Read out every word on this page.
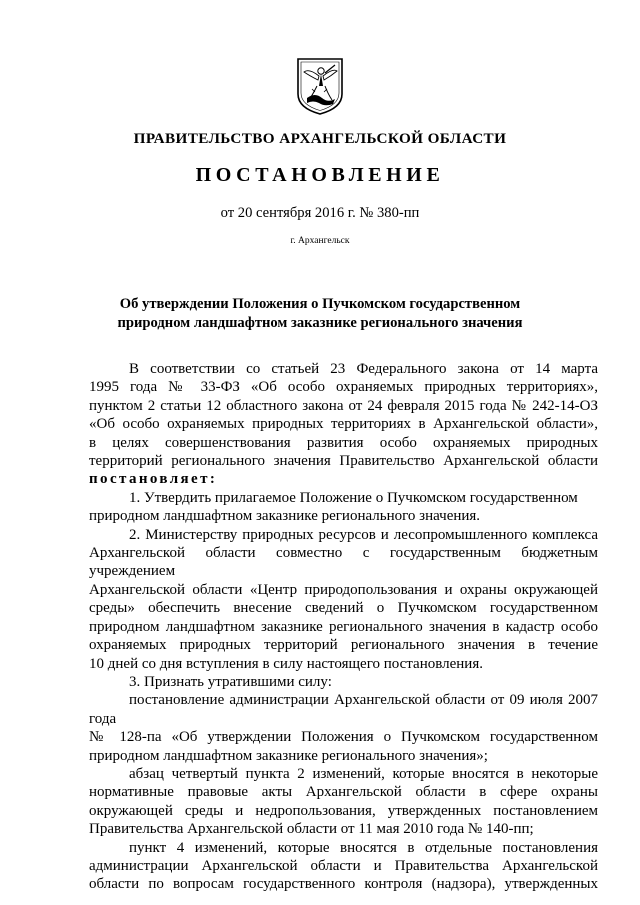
ПРАВИТЕЛЬСТВО АРХАНГЕЛЬСКОЙ ОБЛАСТИ
ПОСТАНОВЛЕНИЕ
от 20 сентября 2016 г. № 380-пп
г. Архангельск
Об утверждении Положения о Пучкомском государственном
природном ландшафтном заказнике регионального значения

В соответствии со статьей 23 Федерального закона от 14 марта

1995 года № 33-ФЗ «Об особо охраняемых природных территориях»,

пунктом 2 статьи 12 областного закона от 24 февраля 2015 года № 242-14-ОЗ

«Об особо охраняемых природных территориях в Архангельской области»,

в целях совершенствования развития особо охраняемых природных

территорий регионального значения Правительство Архангельской области

постановляет:

1. Утвердить прилагаемое Положение о Пучкомском государственном

природном ландшафтном заказнике регионального значения.

2. Министерству природных ресурсов и лесопромышленного комплекса

Архангельской области совместно с государственным бюджетным учреждением

Архангельской области «Центр природопользования и охраны окружающей

среды» обеспечить внесение сведений о Пучкомском государственном

природном ландшафтном заказнике регионального значения в кадастр особо

охраняемых природных территорий регионального значения в течение

10 дней со дня вступления в силу настоящего постановления.

3. Признать утратившими силу:

постановление администрации Архангельской области от 09 июля 2007 года

№ 128-па «Об утверждении Положения о Пучкомском государственном

природном ландшафтном заказнике регионального значения»;

абзац четвертый пункта 2 изменений, которые вносятся в некоторые

нормативные правовые акты Архангельской области в сфере охраны

окружающей среды и недропользования, утвержденных постановлением

Правительства Архангельской области от 11 мая 2010 года № 140-пп;

пункт 4 изменений, которые вносятся в отдельные постановления

администрации Архангельской области и Правительства Архангельской

области по вопросам государственного контроля (надзора), утвержденных
